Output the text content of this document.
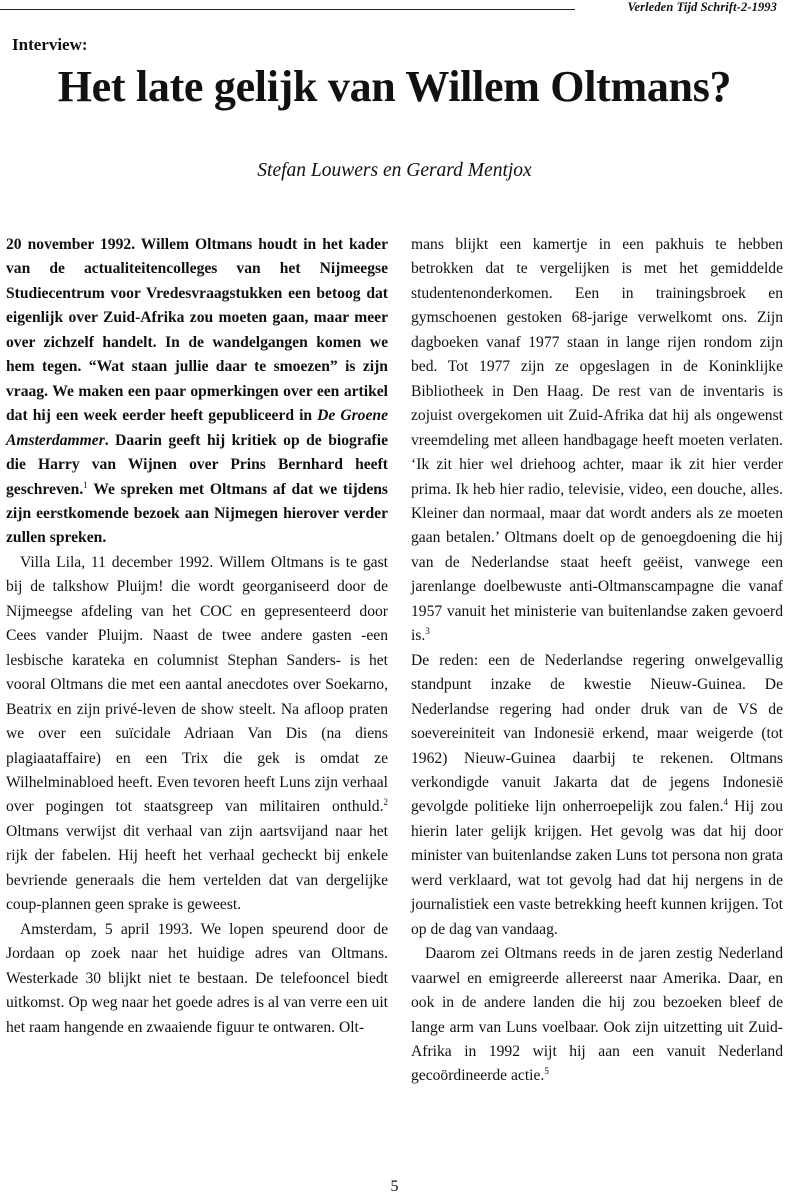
Verleden Tijd Schrift-2-1993
Interview:
Het late gelijk van Willem Oltmans?
Stefan Louwers en Gerard Mentjox

20 november 1992. Willem Oltmans houdt in het kader van de actualiteitencolleges van het Nijmeegse Studiecentrum voor Vredesvraagstukken een betoog dat eigenlijk over Zuid-Afrika zou moeten gaan, maar meer over zichzelf handelt. In de wandelgangen komen we hem tegen. “Wat staan jullie daar te smoezen” is zijn vraag. We maken een paar opmerkingen over een artikel dat hij een week eerder heeft gepubliceerd in De Groene Amsterdammer. Daarin geeft hij kritiek op de biografie die Harry van Wijnen over Prins Bernhard heeft geschreven.$^1$ We spreken met Oltmans af dat we tijdens zijn eerstkomende bezoek aan Nijmegen hierover verder zullen spreken.

Villa Lila, 11 december 1992. Willem Oltmans is te gast bij de talkshow Pluijm! die wordt georganiseerd door de Nijmeegse afdeling van het COC en gepresenteerd door Cees vander Pluijm. Naast de twee andere gasten -een lesbische karateka en columnist Stephan Sanders- is het vooral Oltmans die met een aantal anecdotes over Soekarno, Beatrix en zijn privé-leven de show steelt. Na afloop praten we over een suïcidale Adriaan Van Dis (na diens plagiaataffaire) en een Trix die gek is omdat ze Wilhelminabloed heeft. Even tevoren heeft Luns zijn verhaal over pogingen tot staatsgreep van militairen onthuld.$^2$ Oltmans verwijst dit verhaal van zijn aartsvijand naar het rijk der fabelen. Hij heeft het verhaal gecheckt bij enkele bevriende generaals die hem vertelden dat van dergelijke coup-plannen geen sprake is geweest.

Amsterdam, 5 april 1993. We lopen speurend door de Jordaan op zoek naar het huidige adres van Oltmans. Westerkade 30 blijkt niet te bestaan. De telefooncel biedt uitkomst. Op weg naar het goede adres is al van verre een uit het raam hangende en zwaaiende figuur te ontwaren. Olt-

mans blijkt een kamertje in een pakhuis te hebben betrokken dat te vergelijken is met het gemiddelde studentenonderkomen. Een in trainingsbroek en gymschoenen gestoken 68-jarige verwelkomt ons. Zijn dagboeken vanaf 1977 staan in lange rijen rondom zijn bed. Tot 1977 zijn ze opgeslagen in de Koninklijke Bibliotheek in Den Haag. De rest van de inventaris is zojuist overgekomen uit Zuid-Afrika dat hij als ongewenst vreemdeling met alleen handbagage heeft moeten verlaten. ‘Ik zit hier wel driehoog achter, maar ik zit hier verder prima. Ik heb hier radio, televisie, video, een douche, alles. Kleiner dan normaal, maar dat wordt anders als ze moeten gaan betalen.’ Oltmans doelt op de genoegdoening die hij van de Nederlandse staat heeft geëist, vanwege een jarenlange doelbewuste anti-Oltmanscampagne die vanaf 1957 vanuit het ministerie van buitenlandse zaken gevoerd is.$^3$

De reden: een de Nederlandse regering onwelgevallig standpunt inzake de kwestie Nieuw-Guinea. De Nederlandse regering had onder druk van de VS de soevereiniteit van Indonesië erkend, maar weigerde (tot 1962) Nieuw-Guinea daarbij te rekenen. Oltmans verkondigde vanuit Jakarta dat de jegens Indonesië gevolgde politieke lijn onherroepelijk zou falen.$^4$ Hij zou hierin later gelijk krijgen. Het gevolg was dat hij door minister van buitenlandse zaken Luns tot persona non grata werd verklaard, wat tot gevolg had dat hij nergens in de journalistiek een vaste betrekking heeft kunnen krijgen. Tot op de dag van vandaag.

Daarom zei Oltmans reeds in de jaren zestig Nederland vaarwel en emigreerde allereerst naar Amerika. Daar, en ook in de andere landen die hij zou bezoeken bleef de lange arm van Luns voelbaar. Ook zijn uitzetting uit Zuid-Afrika in 1992 wijt hij aan een vanuit Nederland gecoördineerde actie.$^5$

5
